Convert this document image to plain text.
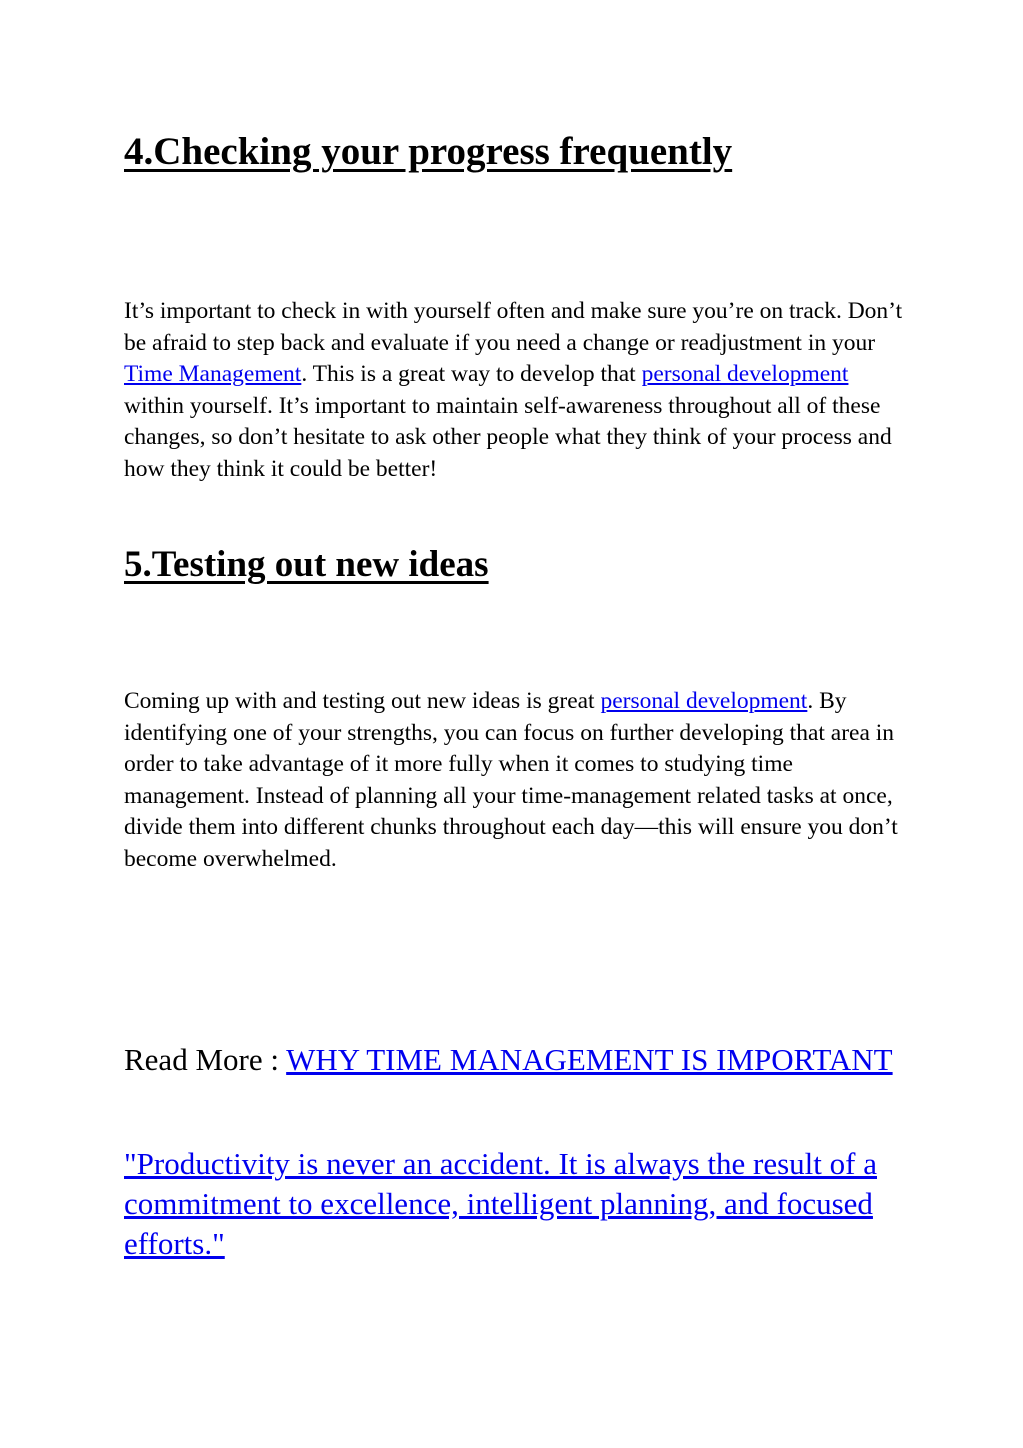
4.Checking your progress frequently

It’s important to check in with yourself often and make sure you’re on track. Don’t be afraid to step back and evaluate if you need a change or readjustment in your Time Management. This is a great way to develop that personal development within yourself. It’s important to maintain self-awareness throughout all of these changes, so don’t hesitate to ask other people what they think of your process and how they think it could be better!

5.Testing out new ideas

Coming up with and testing out new ideas is great personal development. By identifying one of your strengths, you can focus on further developing that area in order to take advantage of it more fully when it comes to studying time management. Instead of planning all your time-management related tasks at once, divide them into different chunks throughout each day—this will ensure you don’t become overwhelmed.

Read More : WHY TIME MANAGEMENT IS IMPORTANT
"Productivity is never an accident. It is always the result of a commitment to excellence, intelligent planning, and focused efforts."
